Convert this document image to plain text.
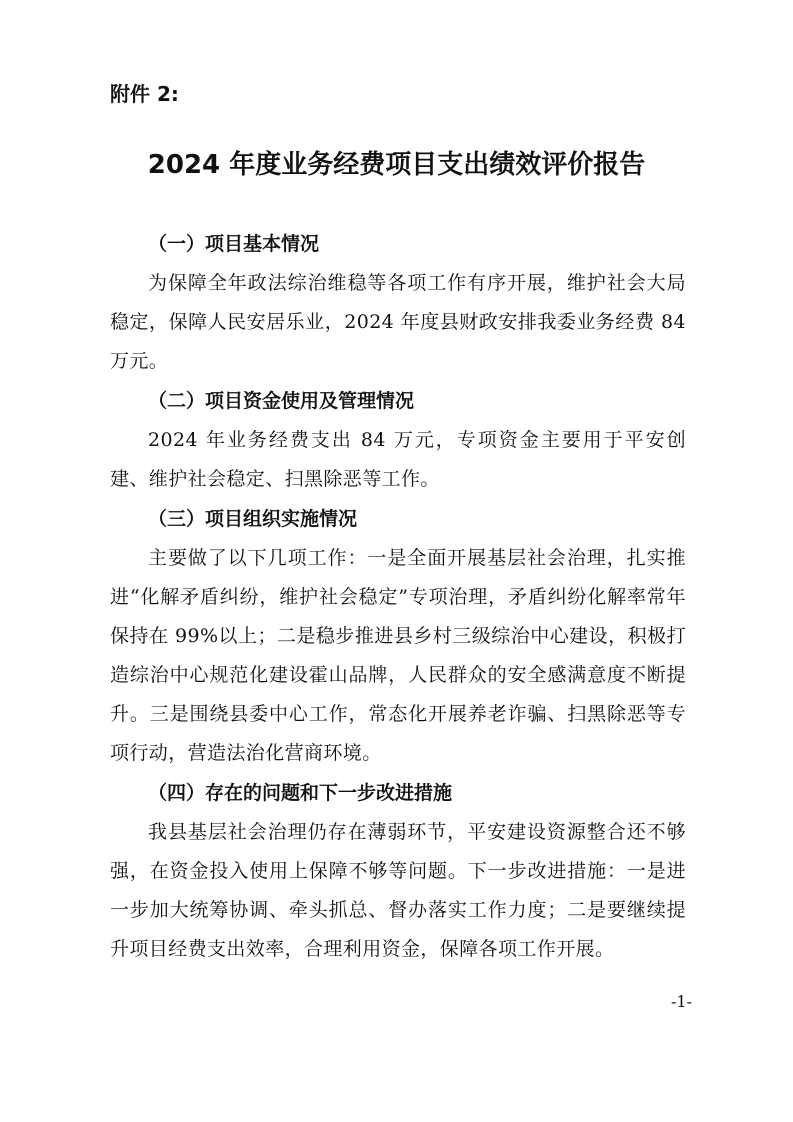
附件 2:
2024 年度业务经费项目支出绩效评价报告
（一）项目基本情况

为保障全年政法综治维稳等各项工作有序开展，维护社会大局稳定，保障人民安居乐业，2024 年度县财政安排我委业务经费 84 万元。

（二）项目资金使用及管理情况

2024 年业务经费支出 84 万元，专项资金主要用于平安创建、维护社会稳定、扫黑除恶等工作。

（三）项目组织实施情况

主要做了以下几项工作：一是全面开展基层社会治理，扎实推进“化解矛盾纠纷，维护社会稳定”专项治理，矛盾纠纷化解率常年保持在 99%以上；二是稳步推进县乡村三级综治中心建设，积极打造综治中心规范化建设霍山品牌，人民群众的安全感满意度不断提升。三是围绕县委中心工作，常态化开展养老诈骗、扫黑除恶等专项行动，营造法治化营商环境。

（四）存在的问题和下一步改进措施

我县基层社会治理仍存在薄弱环节，平安建设资源整合还不够强，在资金投入使用上保障不够等问题。下一步改进措施：一是进一步加大统筹协调、牵头抓总、督办落实工作力度；二是要继续提升项目经费支出效率，合理利用资金，保障各项工作开展。

-1-
